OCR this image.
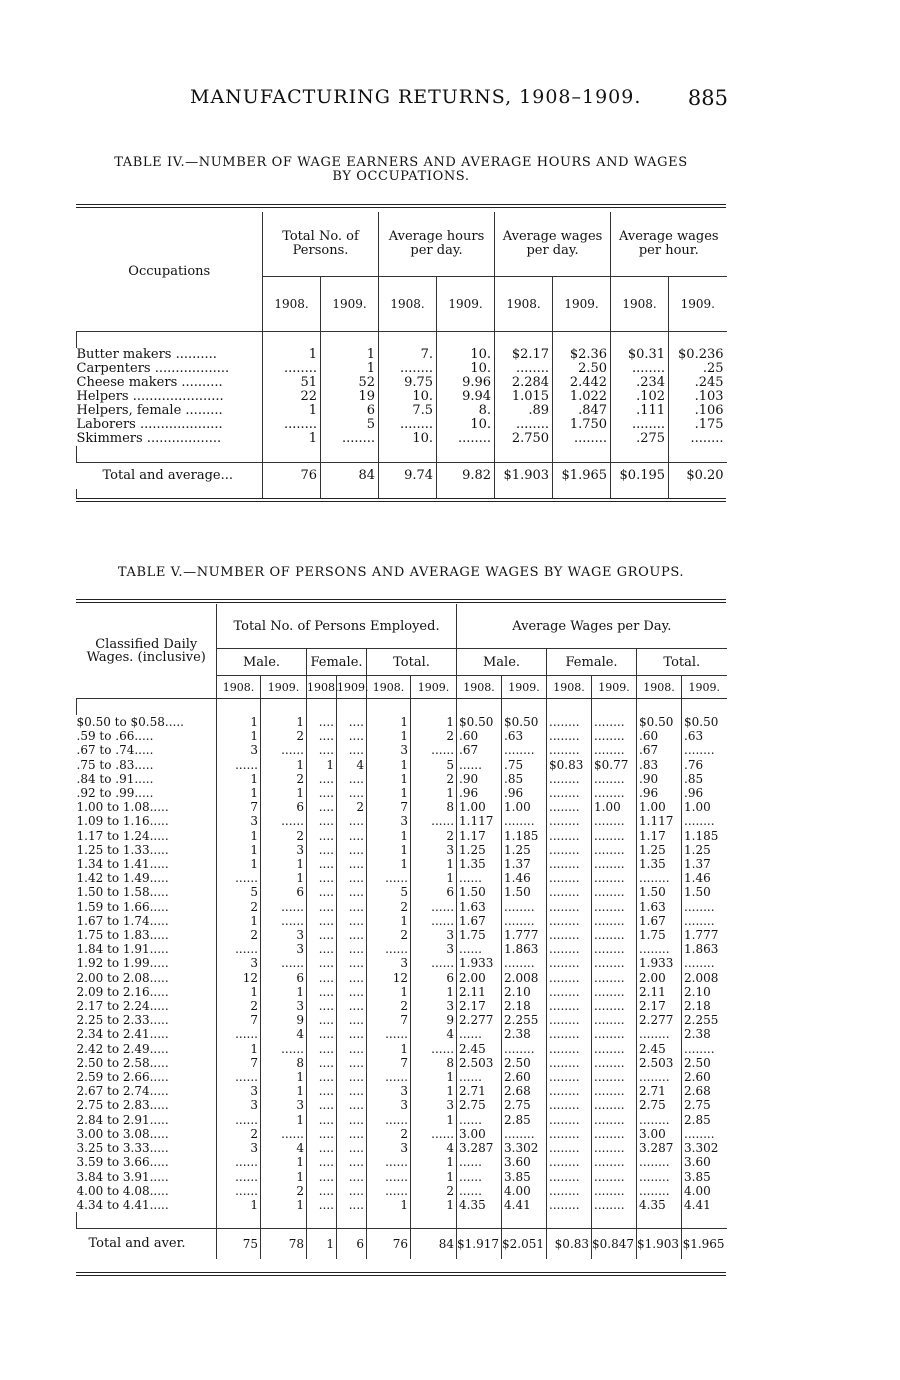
MANUFACTURING RETURNS, 1908–1909. 885
TABLE IV.—NUMBER OF WAGE EARNERS AND AVERAGE HOURS AND WAGES
BY OCCUPATIONS.
Occupations	Total No. of Persons.		Average hours per day.		Average wages per day.		Average wages per hour.	
	1908.	1909.	1908.	1909.	1908.	1909.	1908.	1909.

Butter makers ..........	1	1	7.	10.	$2.17	$2.36	$0.31	$0.236
Carpenters ..................	........	1	........	10.	........	2.50	........	.25
Cheese makers ..........	51	52	9.75	9.96	2.284	2.442	.234	.245
Helpers ......................	22	19	10.	9.94	1.015	1.022	.102	.103
Helpers, female .........	1	6	7.5	8.	.89	.847	.111	.106
Laborers ....................	........	5	........	10.	........	1.750	........	.175
Skimmers ..................	1	........	10.	........	2.750	........	.275	........

Total and average...	76	84	9.74	9.82	$1.903	$1.965	$0.195	$0.20

TABLE V.—NUMBER OF PERSONS AND AVERAGE WAGES BY WAGE GROUPS.
Classified Daily Wages. (inclusive)	Total No. of Persons Employed.						Average Wages per Day.					
	Male.		Female.		Total.		Male.		Female.		Total.	
	1908.	1909.	1908.	1909.	1908.	1909.	1908.	1909.	1908.	1909.	1908.	1909.

$0.50 to $0.58.....	1	1	....	....	1	1	$0.50	$0.50	........	........	$0.50	$0.50
.59 to .66.....	1	2	....	....	1	2	.60	.63	........	........	.60	.63
.67 to .74.....	3	......	....	....	3	......	.67	........	........	........	.67	........
.75 to .83.....	......	1	1	4	1	5	......	.75	$0.83	$0.77	.83	.76
.84 to .91.....	1	2	....	....	1	2	.90	.85	........	........	.90	.85
.92 to .99.....	1	1	....	....	1	1	.96	.96	........	........	.96	.96
1.00 to 1.08.....	7	6	....	2	7	8	1.00	1.00	........	1.00	1.00	1.00
1.09 to 1.16.....	3	......	....	....	3	......	1.117	........	........	........	1.117	........
1.17 to 1.24.....	1	2	....	....	1	2	1.17	1.185	........	........	1.17	1.185
1.25 to 1.33.....	1	3	....	....	1	3	1.25	1.25	........	........	1.25	1.25
1.34 to 1.41.....	1	1	....	....	1	1	1.35	1.37	........	........	1.35	1.37
1.42 to 1.49.....	......	1	....	....	......	1	......	1.46	........	........	........	1.46
1.50 to 1.58.....	5	6	....	....	5	6	1.50	1.50	........	........	1.50	1.50
1.59 to 1.66.....	2	......	....	....	2	......	1.63	........	........	........	1.63	........
1.67 to 1.74.....	1	......	....	....	1	......	1.67	........	........	........	1.67	........
1.75 to 1.83.....	2	3	....	....	2	3	1.75	1.777	........	........	1.75	1.777
1.84 to 1.91.....	......	3	....	....	......	3	......	1.863	........	........	........	1.863
1.92 to 1.99.....	3	......	....	....	3	......	1.933	........	........	........	1.933	........
2.00 to 2.08.....	12	6	....	....	12	6	2.00	2.008	........	........	2.00	2.008
2.09 to 2.16.....	1	1	....	....	1	1	2.11	2.10	........	........	2.11	2.10
2.17 to 2.24.....	2	3	....	....	2	3	2.17	2.18	........	........	2.17	2.18
2.25 to 2.33.....	7	9	....	....	7	9	2.277	2.255	........	........	2.277	2.255
2.34 to 2.41.....	......	4	....	....	......	4	......	2.38	........	........	........	2.38
2.42 to 2.49.....	1	......	....	....	1	......	2.45	........	........	........	2.45	........
2.50 to 2.58.....	7	8	....	....	7	8	2.503	2.50	........	........	2.503	2.50
2.59 to 2.66.....	......	1	....	....	......	1	......	2.60	........	........	........	2.60
2.67 to 2.74.....	3	1	....	....	3	1	2.71	2.68	........	........	2.71	2.68
2.75 to 2.83.....	3	3	....	....	3	3	2.75	2.75	........	........	2.75	2.75
2.84 to 2.91.....	......	1	....	....	......	1	......	2.85	........	........	........	2.85
3.00 to 3.08.....	2	......	....	....	2	......	3.00	........	........	........	3.00	........
3.25 to 3.33.....	3	4	....	....	3	4	3.287	3.302	........	........	3.287	3.302
3.59 to 3.66.....	......	1	....	....	......	1	......	3.60	........	........	........	3.60
3.84 to 3.91.....	......	1	....	....	......	1	......	3.85	........	........	........	3.85
4.00 to 4.08.....	......	2	....	....	......	2	......	4.00	........	........	........	4.00
4.34 to 4.41.....	1	1	....	....	1	1	4.35	4.41	........	........	4.35	4.41

Total and aver.	75	78	1	6	76	84	$1.917	$2.051	$0.83	$0.847	$1.903	$1.965
